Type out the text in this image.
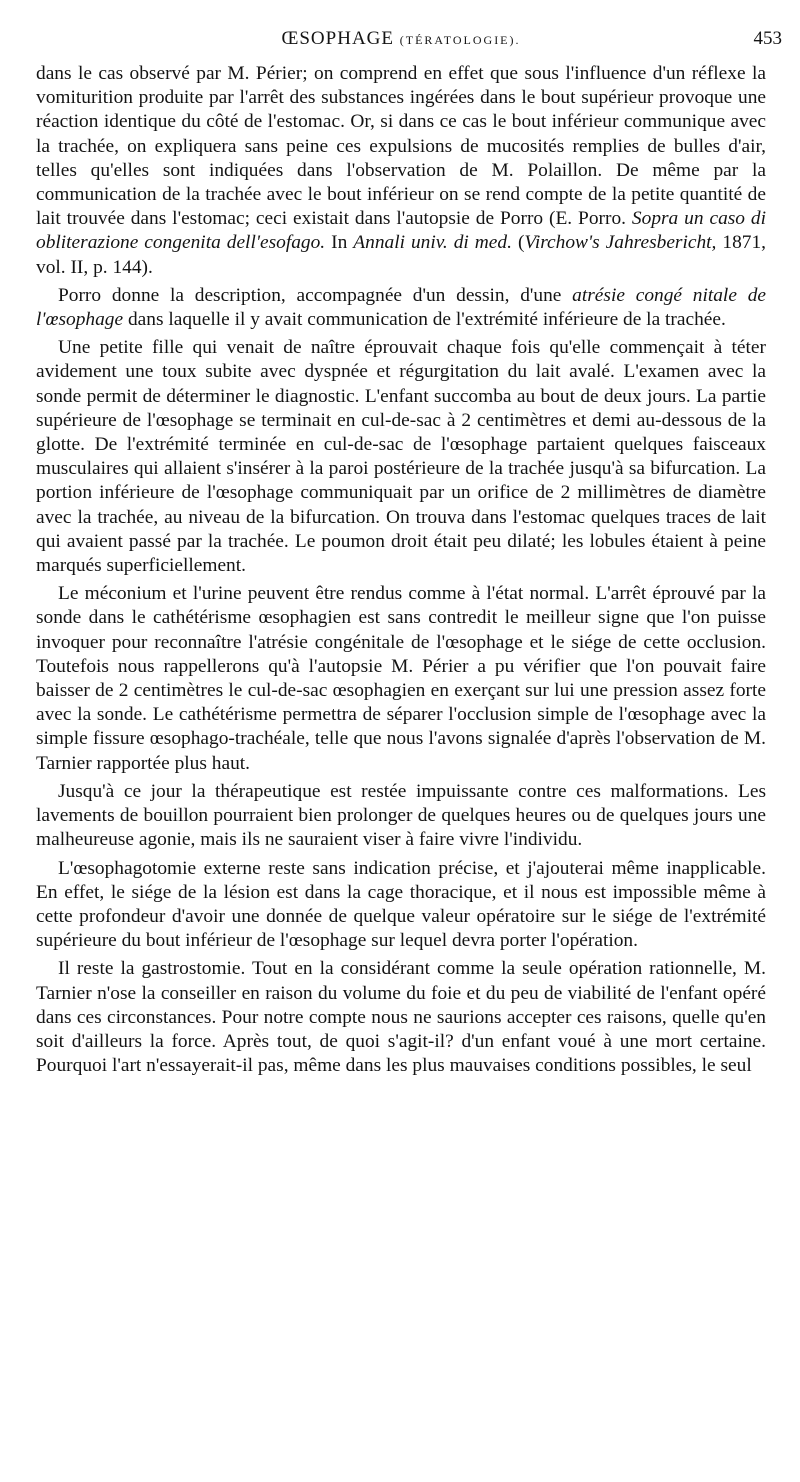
ŒSOPHAGE (TÉRATOLOGIE).	453

dans le cas observé par M. Périer; on comprend en effet que sous l'influence d'un réflexe la vomiturition produite par l'arrêt des substances ingérées dans le bout supérieur provoque une réaction identique du côté de l'estomac. Or, si dans ce cas le bout inférieur communique avec la trachée, on expliquera sans peine ces expulsions de mucosités remplies de bulles d'air, telles qu'elles sont indiquées dans l'observation de M. Polaillon. De même par la communication de la trachée avec le bout inférieur on se rend compte de la petite quantité de lait trouvée dans l'estomac; ceci existait dans l'autopsie de Porro (E. Porro. Sopra un caso di obliterazione congenita dell'esofago. In Annali univ. di med. (Virchow's Jahresbericht, 1871, vol. II, p. 144).

Porro donne la description, accompagnée d'un dessin, d'une atrésie congé nitale de l'œsophage dans laquelle il y avait communication de l'extrémité inférieure de la trachée.

Une petite fille qui venait de naître éprouvait chaque fois qu'elle commençait à téter avidement une toux subite avec dyspnée et régurgitation du lait avalé. L'examen avec la sonde permit de déterminer le diagnostic. L'enfant succomba au bout de deux jours. La partie supérieure de l'œsophage se terminait en cul-de-sac à 2 centimètres et demi au-dessous de la glotte. De l'extrémité terminée en cul-de-sac de l'œsophage partaient quelques faisceaux musculaires qui allaient s'insérer à la paroi postérieure de la trachée jusqu'à sa bifurcation. La portion inférieure de l'œsophage communiquait par un orifice de 2 millimètres de diamètre avec la trachée, au niveau de la bifurcation. On trouva dans l'estomac quelques traces de lait qui avaient passé par la trachée. Le poumon droit était peu dilaté; les lobules étaient à peine marqués superficiellement.

Le méconium et l'urine peuvent être rendus comme à l'état normal. L'arrêt éprouvé par la sonde dans le cathétérisme œsophagien est sans contredit le meilleur signe que l'on puisse invoquer pour reconnaître l'atrésie congénitale de l'œsophage et le siége de cette occlusion. Toutefois nous rappellerons qu'à l'autopsie M. Périer a pu vérifier que l'on pouvait faire baisser de 2 centimètres le cul-de-sac œsophagien en exerçant sur lui une pression assez forte avec la sonde. Le cathétérisme permettra de séparer l'occlusion simple de l'œsophage avec la simple fissure œsophago-trachéale, telle que nous l'avons signalée d'après l'observation de M. Tarnier rapportée plus haut.

Jusqu'à ce jour la thérapeutique est restée impuissante contre ces malformations. Les lavements de bouillon pourraient bien prolonger de quelques heures ou de quelques jours une malheureuse agonie, mais ils ne sauraient viser à faire vivre l'individu.

L'œsophagotomie externe reste sans indication précise, et j'ajouterai même inapplicable. En effet, le siége de la lésion est dans la cage thoracique, et il nous est impossible même à cette profondeur d'avoir une donnée de quelque valeur opératoire sur le siége de l'extrémité supérieure du bout inférieur de l'œsophage sur lequel devra porter l'opération.

Il reste la gastrostomie. Tout en la considérant comme la seule opération rationnelle, M. Tarnier n'ose la conseiller en raison du volume du foie et du peu de viabilité de l'enfant opéré dans ces circonstances. Pour notre compte nous ne saurions accepter ces raisons, quelle qu'en soit d'ailleurs la force. Après tout, de quoi s'agit-il? d'un enfant voué à une mort certaine. Pourquoi l'art n'essayerait-il pas, même dans les plus mauvaises conditions possibles, le seul
